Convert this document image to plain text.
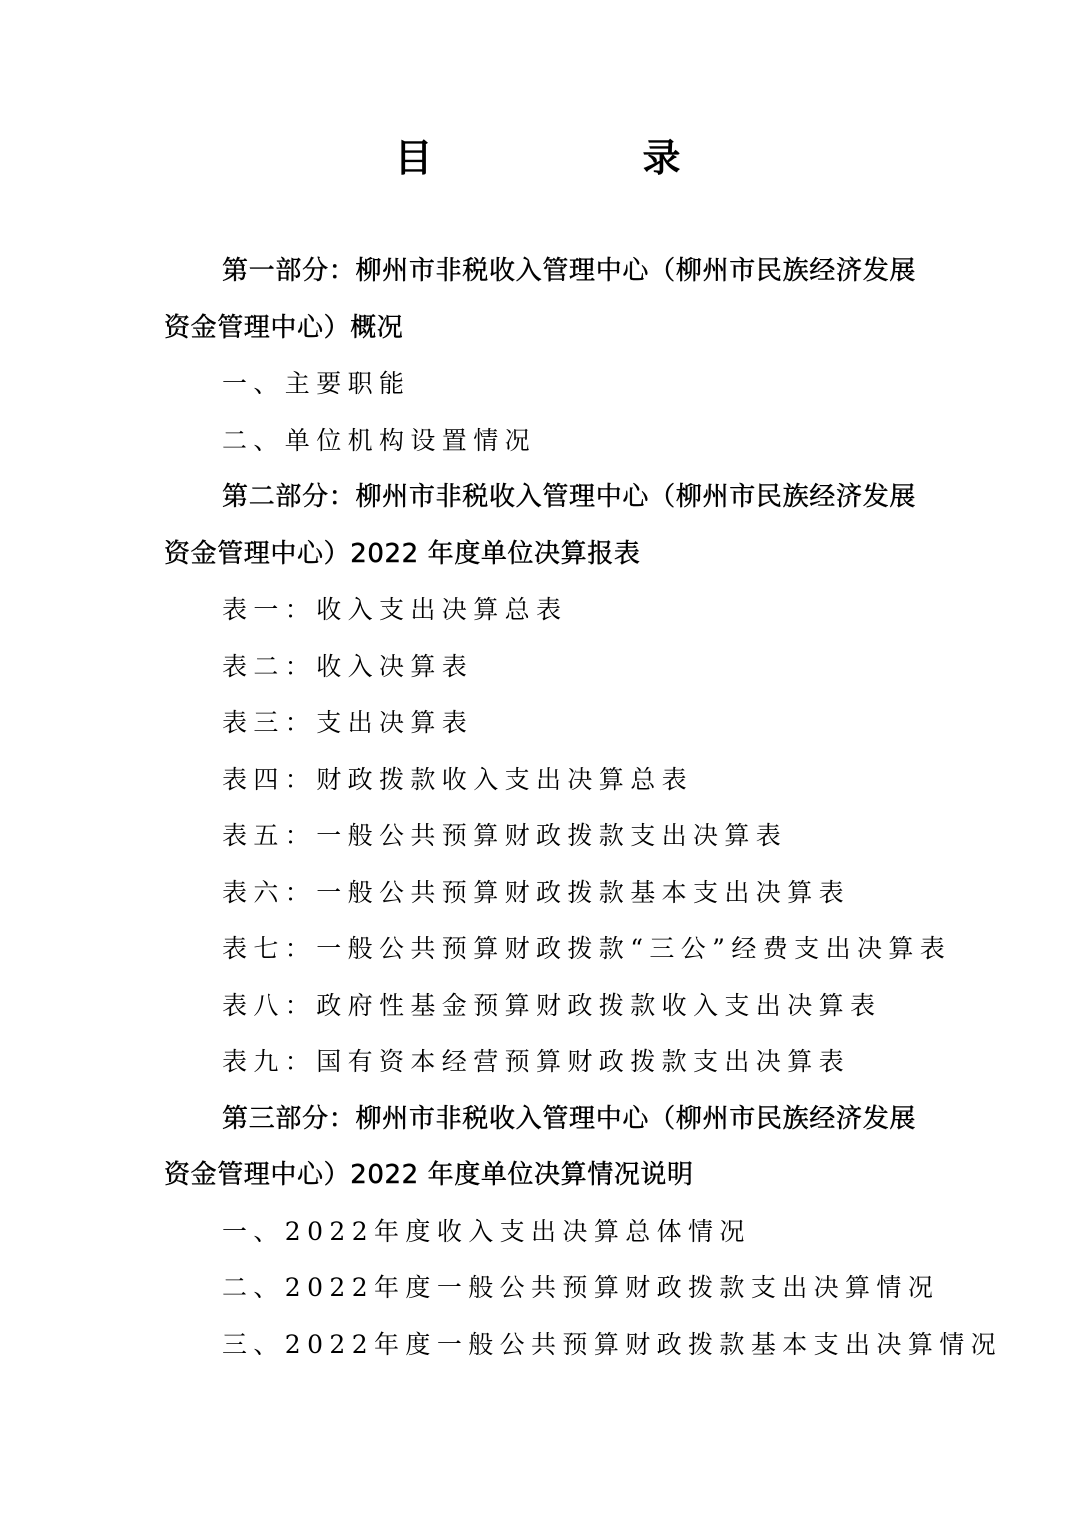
目　录
第一部分：柳州市非税收入管理中心（柳州市民族经济发展资金管理中心）概况
一、主要职能
二、单位机构设置情况
第二部分：柳州市非税收入管理中心（柳州市民族经济发展资金管理中心）2022 年度单位决算报表
表一：收入支出决算总表
表二：收入决算表
表三：支出决算表
表四：财政拨款收入支出决算总表
表五：一般公共预算财政拨款支出决算表
表六：一般公共预算财政拨款基本支出决算表
表七：一般公共预算财政拨款“三公”经费支出决算表
表八：政府性基金预算财政拨款收入支出决算表
表九：国有资本经营预算财政拨款支出决算表
第三部分：柳州市非税收入管理中心（柳州市民族经济发展资金管理中心）2022 年度单位决算情况说明
一、2022年度收入支出决算总体情况
二、2022年度一般公共预算财政拨款支出决算情况
三、2022年度一般公共预算财政拨款基本支出决算情况
